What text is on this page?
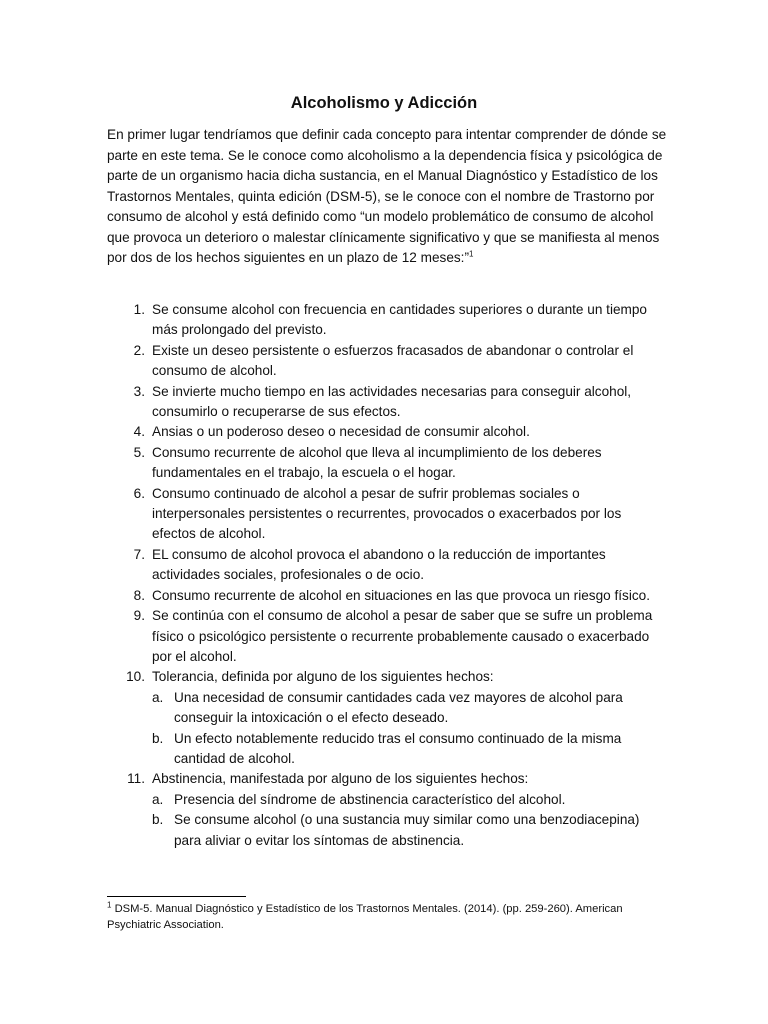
Alcoholismo y Adicción

En primer lugar tendríamos que definir cada concepto para intentar comprender de dónde se parte en este tema. Se le conoce como alcoholismo a la dependencia física y psicológica de parte de un organismo hacia dicha sustancia, en el Manual Diagnóstico y Estadístico de los Trastornos Mentales, quinta edición (DSM-5), se le conoce con el nombre de Trastorno por consumo de alcohol y está definido como “un modelo problemático de consumo de alcohol que provoca un deterioro o malestar clínicamente significativo y que se manifiesta al menos por dos de los hechos siguientes en un plazo de 12 meses:”$^1$

1. Se consume alcohol con frecuencia en cantidades superiores o durante un tiempo más prolongado del previsto.
2. Existe un deseo persistente o esfuerzos fracasados de abandonar o controlar el consumo de alcohol.
3. Se invierte mucho tiempo en las actividades necesarias para conseguir alcohol, consumirlo o recuperarse de sus efectos.
4. Ansias o un poderoso deseo o necesidad de consumir alcohol.
5. Consumo recurrente de alcohol que lleva al incumplimiento de los deberes fundamentales en el trabajo, la escuela o el hogar.
6. Consumo continuado de alcohol a pesar de sufrir problemas sociales o interpersonales persistentes o recurrentes, provocados o exacerbados por los efectos de alcohol.
7. EL consumo de alcohol provoca el abandono o la reducción de importantes actividades sociales, profesionales o de ocio.
8. Consumo recurrente de alcohol en situaciones en las que provoca un riesgo físico.
9. Se continúa con el consumo de alcohol a pesar de saber que se sufre un problema físico o psicológico persistente o recurrente probablemente causado o exacerbado por el alcohol.
10. Tolerancia, definida por alguno de los siguientes hechos:
a. Una necesidad de consumir cantidades cada vez mayores de alcohol para conseguir la intoxicación o el efecto deseado.
b. Un efecto notablemente reducido tras el consumo continuado de la misma cantidad de alcohol.
11. Abstinencia, manifestada por alguno de los siguientes hechos:
a. Presencia del síndrome de abstinencia característico del alcohol.
b. Se consume alcohol (o una sustancia muy similar como una benzodiacepina) para aliviar o evitar los síntomas de abstinencia.

$^1$ DSM-5. Manual Diagnóstico y Estadístico de los Trastornos Mentales. (2014). (pp. 259-260). American Psychiatric Association.
